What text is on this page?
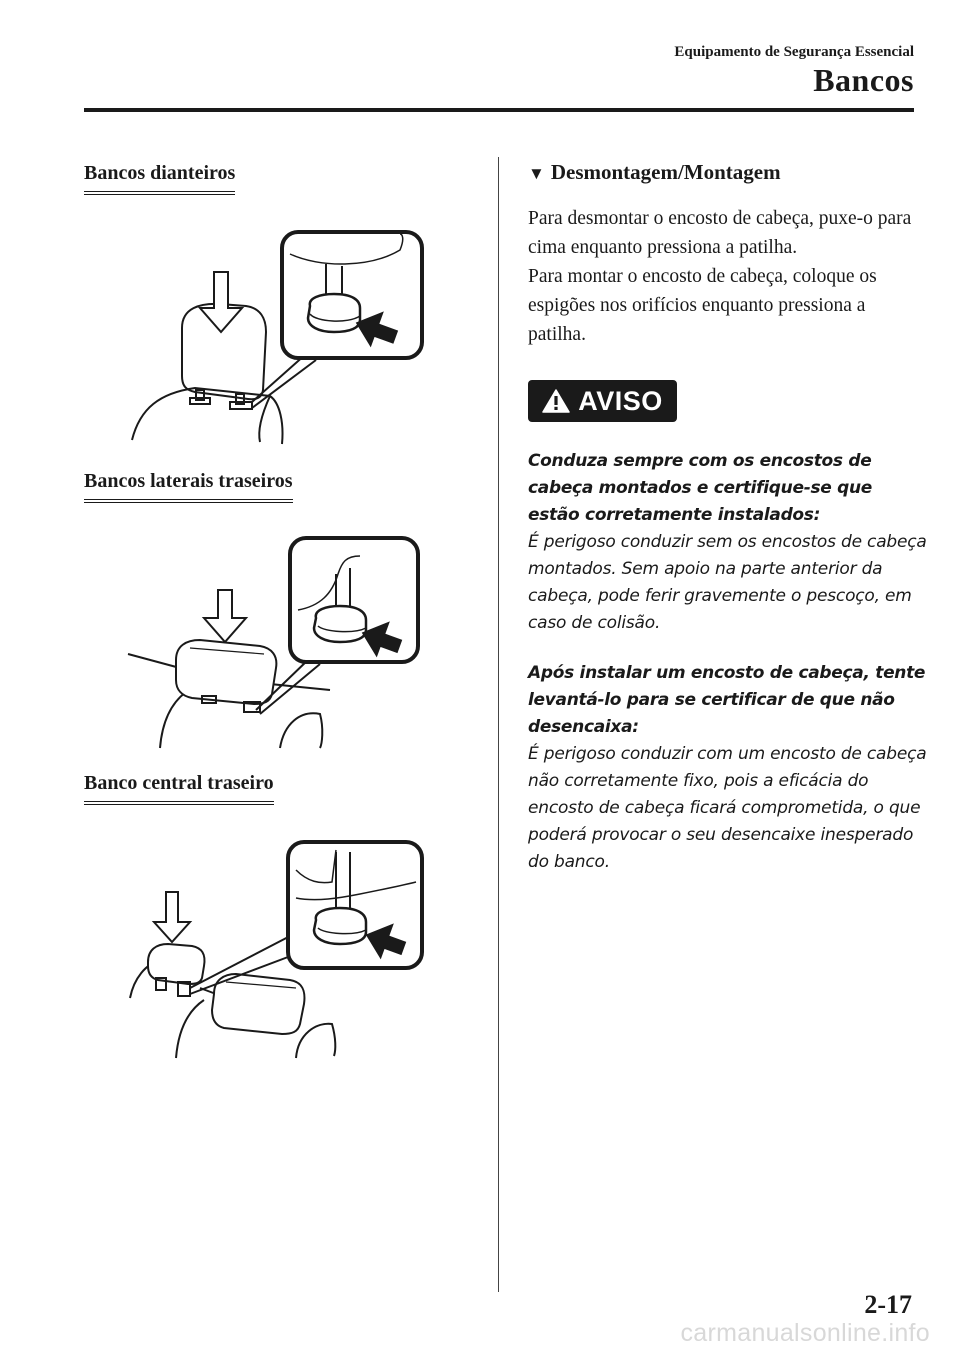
Equipamento de Segurança Essencial
Bancos
Bancos dianteiros
Bancos laterais traseiros
Banco central traseiro
▼ Desmontagem/Montagem

Para desmontar o encosto de cabeça, puxe-o para cima enquanto pressiona a patilha.

Para montar o encosto de cabeça, coloque os espigões nos orifícios enquanto pressiona a patilha.

AVISO
Conduza sempre com os encostos de cabeça montados e certifique-se que estão corretamente instalados:
É perigoso conduzir sem os encostos de cabeça montados. Sem apoio na parte anterior da cabeça, pode ferir gravemente o pescoço, em caso de colisão.
Após instalar um encosto de cabeça, tente levantá-lo para se certificar de que não desencaixa:
É perigoso conduzir com um encosto de cabeça não corretamente fixo, pois a eficácia do encosto de cabeça ficará comprometida, o que poderá provocar o seu desencaixe inesperado do banco.
2-17
carmanualsonline.info
